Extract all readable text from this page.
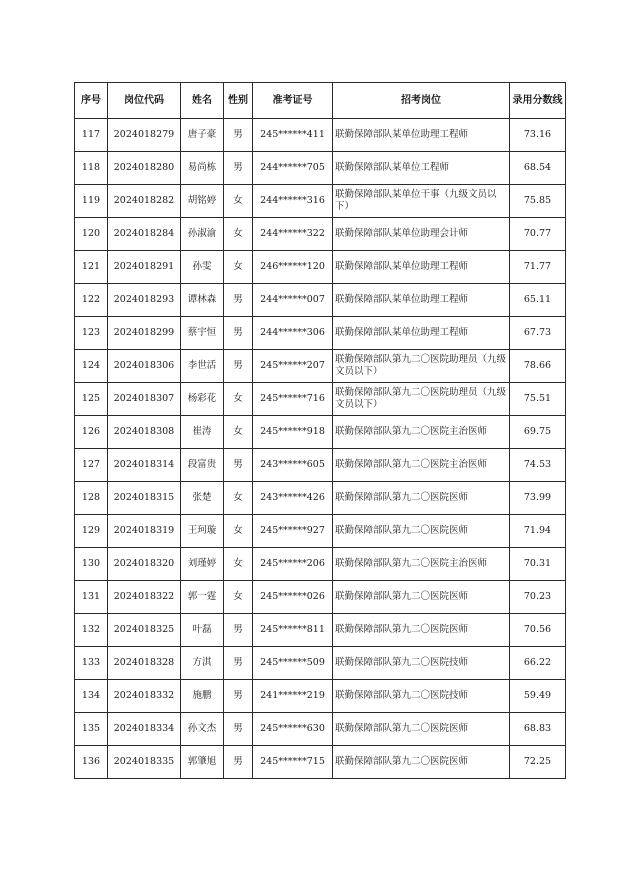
序号	岗位代码	姓名	性别	准考证号	招考岗位	录用分数线
117	2024018279	唐子豪	男	245******411	联勤保障部队某单位助理工程师	73.16
118	2024018280	易尚栋	男	244******705	联勤保障部队某单位工程师	68.54
119	2024018282	胡铭婷	女	244******316	联勤保障部队某单位干事（九级文员以下）	75.85
120	2024018284	孙淑渝	女	244******322	联勤保障部队某单位助理会计师	70.77
121	2024018291	孙雯	女	246******120	联勤保障部队某单位助理工程师	71.77
122	2024018293	谭林森	男	244******007	联勤保障部队某单位助理工程师	65.11
123	2024018299	蔡宇恒	男	244******306	联勤保障部队某单位助理工程师	67.73
124	2024018306	李世活	男	245******207	联勤保障部队第九二〇医院助理员（九级文员以下）	78.66
125	2024018307	杨彩花	女	245******716	联勤保障部队第九二〇医院助理员（九级文员以下）	75.51
126	2024018308	崔涛	女	245******918	联勤保障部队第九二〇医院主治医师	69.75
127	2024018314	段富贵	男	243******605	联勤保障部队第九二〇医院主治医师	74.53
128	2024018315	张楚	女	243******426	联勤保障部队第九二〇医院医师	73.99
129	2024018319	王珂璇	女	245******927	联勤保障部队第九二〇医院医师	71.94
130	2024018320	刘瑾婷	女	245******206	联勤保障部队第九二〇医院主治医师	70.31
131	2024018322	郭一霆	女	245******026	联勤保障部队第九二〇医院医师	70.23
132	2024018325	叶磊	男	245******811	联勤保障部队第九二〇医院医师	70.56
133	2024018328	方淇	男	245******509	联勤保障部队第九二〇医院技师	66.22
134	2024018332	施鹏	男	241******219	联勤保障部队第九二〇医院技师	59.49
135	2024018334	孙文杰	男	245******630	联勤保障部队第九二〇医院医师	68.83
136	2024018335	郭肇旭	男	245******715	联勤保障部队第九二〇医院医师	72.25
